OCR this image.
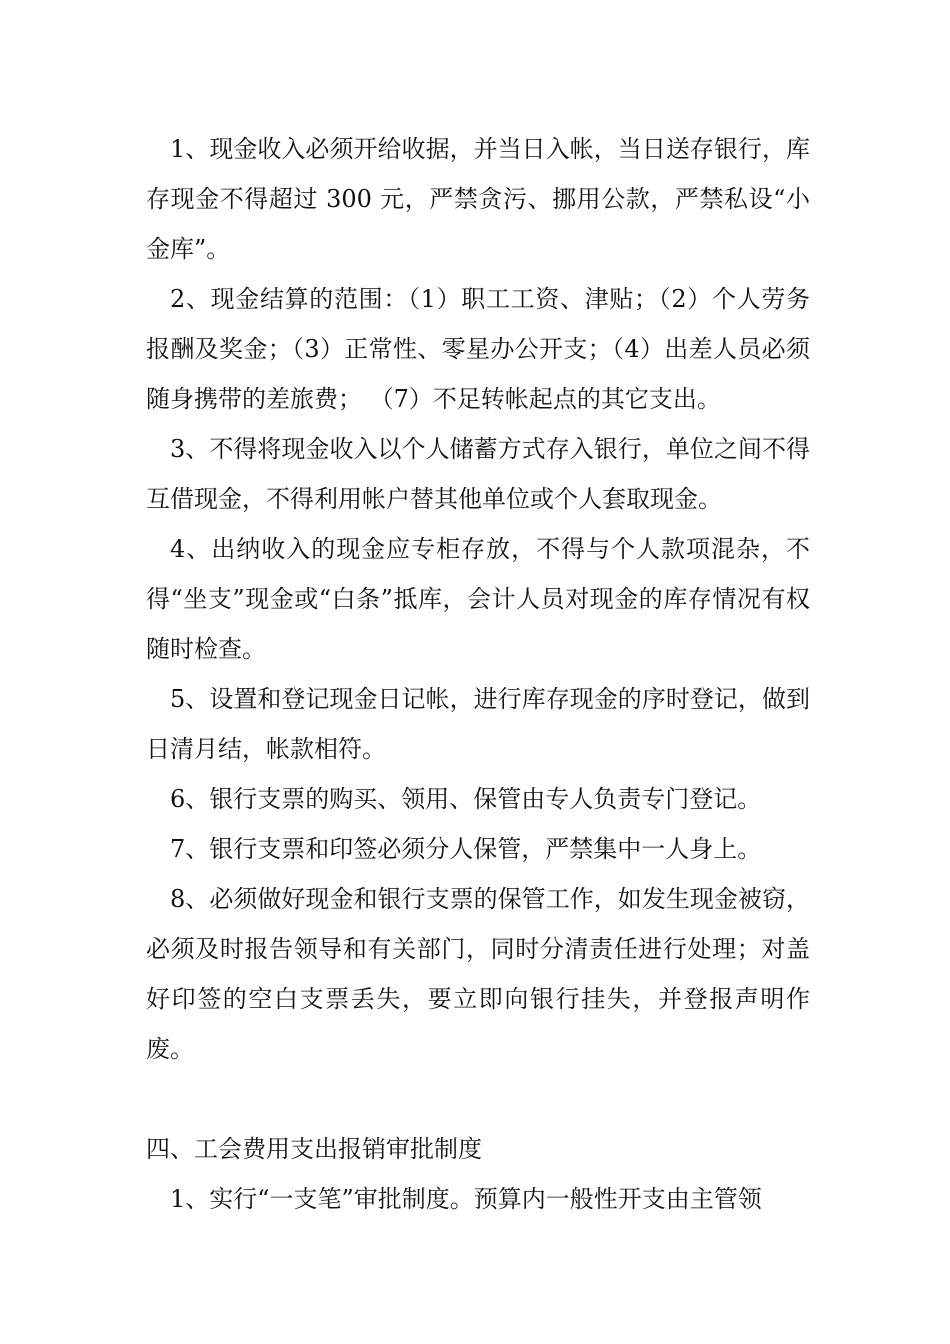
1、现金收入必须开给收据，并当日入帐，当日送存银行，库存现金不得超过 300 元，严禁贪污、挪用公款，严禁私设“小金库”。

2、现金结算的范围：（1）职工工资、津贴；（2）个人劳务报酬及奖金；（3）正常性、零星办公开支；（4）出差人员必须随身携带的差旅费； （7）不足转帐起点的其它支出。

3、不得将现金收入以个人储蓄方式存入银行，单位之间不得互借现金，不得利用帐户替其他单位或个人套取现金。

4、出纳收入的现金应专柜存放，不得与个人款项混杂，不得“坐支”现金或“白条”抵库，会计人员对现金的库存情况有权随时检查。

5、设置和登记现金日记帐，进行库存现金的序时登记，做到日清月结，帐款相符。

6、银行支票的购买、领用、保管由专人负责专门登记。

7、银行支票和印签必须分人保管，严禁集中一人身上。

8、必须做好现金和银行支票的保管工作，如发生现金被窃，必须及时报告领导和有关部门，同时分清责任进行处理；对盖好印签的空白支票丢失，要立即向银行挂失，并登报声明作废。

四、工会费用支出报销审批制度

1、实行“一支笔”审批制度。预算内一般性开支由主管领
